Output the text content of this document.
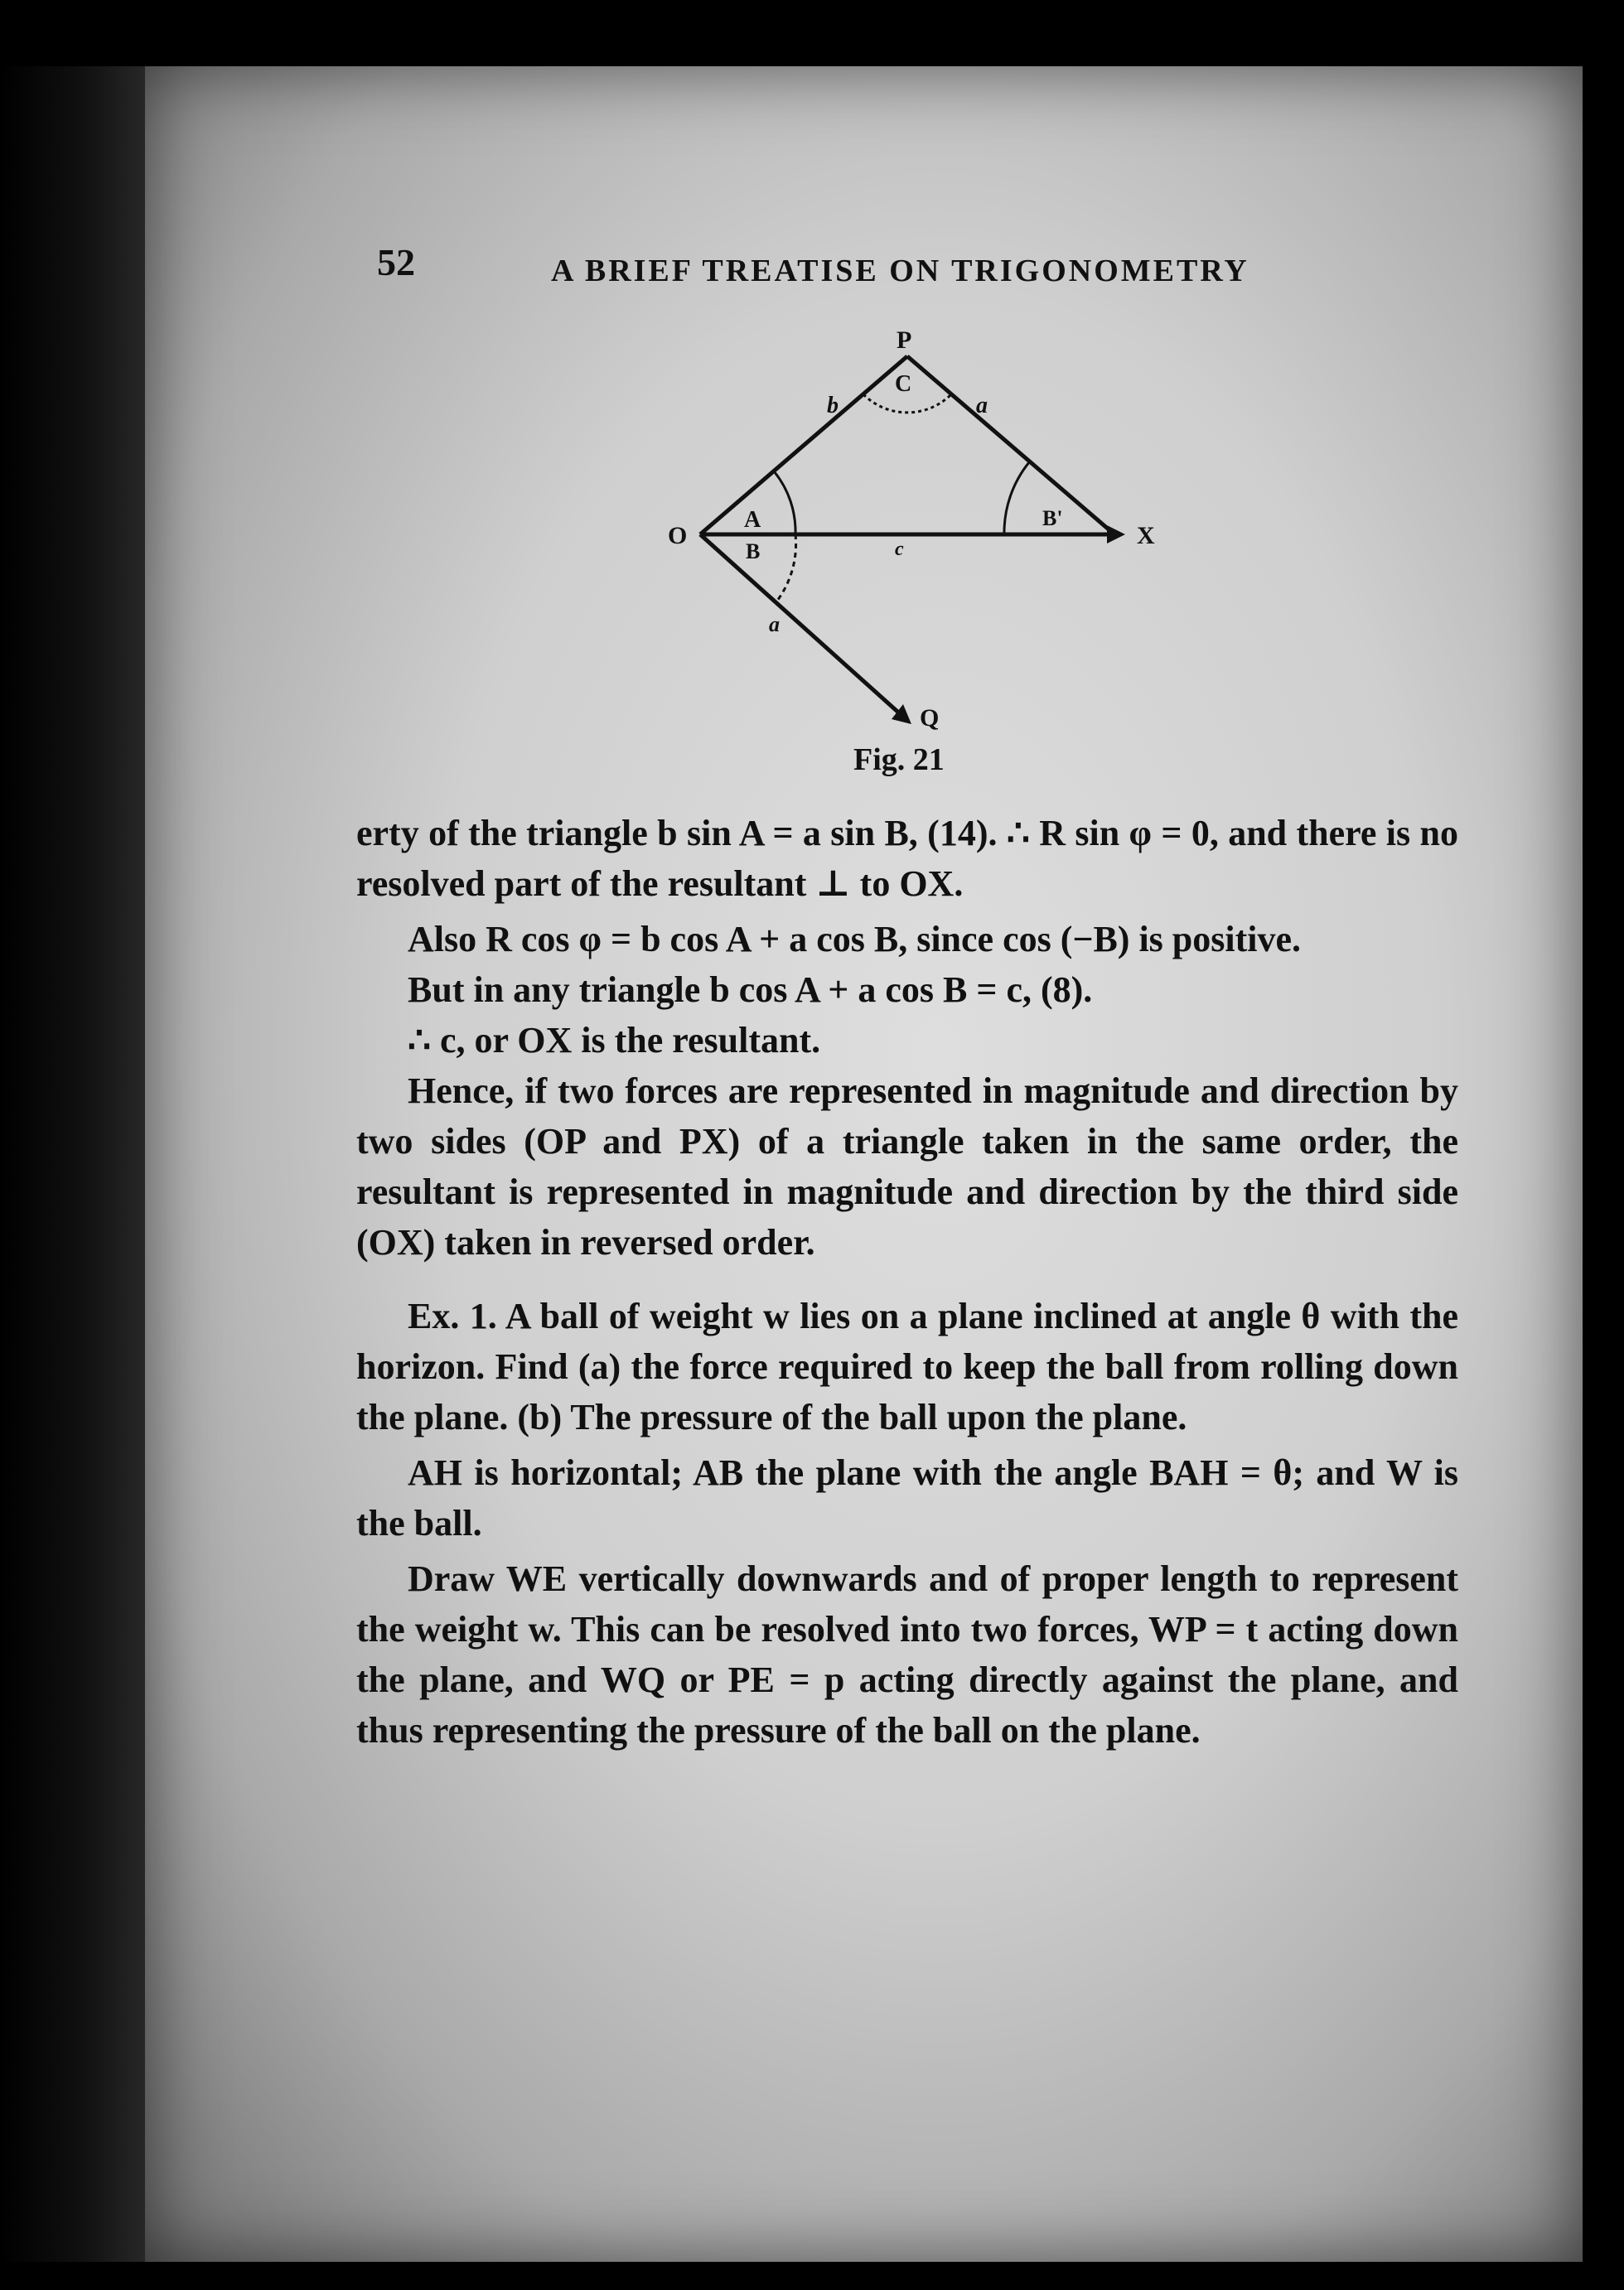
52	A BRIEF TREATISE ON TRIGONOMETRY
P
C
b	a
O
A
B
B'
c	X
a
Q
Fig. 21

erty of the triangle b sin A = a sin B, (14). ∴ R sin φ = 0, and there is no resolved part of the resultant ⊥ to OX.

Also R cos φ = b cos A + a cos B, since cos (−B) is positive.

But in any triangle b cos A + a cos B = c, (8).

∴ c, or OX is the resultant.

Hence, if two forces are represented in magnitude and direction by two sides (OP and PX) of a triangle taken in the same order, the resultant is represented in magnitude and direction by the third side (OX) taken in reversed order.

Ex. 1. A ball of weight w lies on a plane inclined at angle θ with the horizon. Find (a) the force required to keep the ball from rolling down the plane. (b) The pressure of the ball upon the plane.

AH is horizontal; AB the plane with the angle BAH = θ; and W is the ball.

Draw WE vertically downwards and of proper length to represent the weight w. This can be resolved into two forces, WP = t acting down the plane, and WQ or PE = p acting directly against the plane, and thus representing the pressure of the ball on the plane.
